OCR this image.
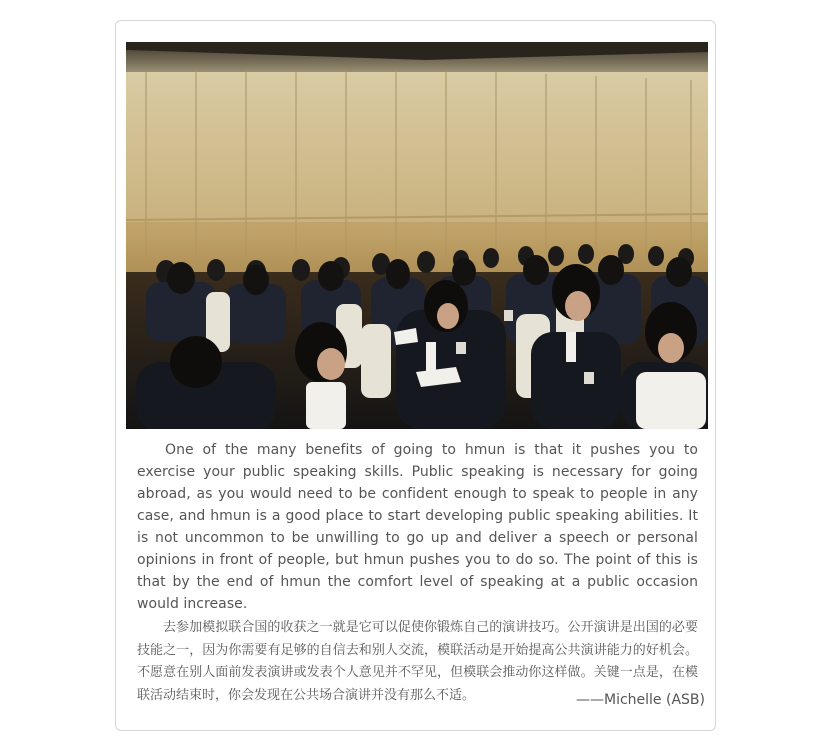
One of the many benefits of going to hmun is that it pushes you to exercise your public speaking skills. Public speaking is necessary for going abroad, as you would need to be confident enough to speak to people in any case, and hmun is a good place to start developing public speaking abilities. It is not uncommon to be unwilling to go up and deliver a speech or personal opinions in front of people, but hmun pushes you to do so. The point of this is that by the end of hmun the comfort level of speaking at a public occasion would increase.

去参加模拟联合国的收获之一就是它可以促使你锻炼自己的演讲技巧。公开演讲是出国的必要技能之一，因为你需要有足够的自信去和别人交流，模联活动是开始提高公共演讲能力的好机会。不愿意在别人面前发表演讲或发表个人意见并不罕见，但模联会推动你这样做。关键一点是，在模联活动结束时，你会发现在公共场合演讲并没有那么不适。	——Michelle (ASB)
